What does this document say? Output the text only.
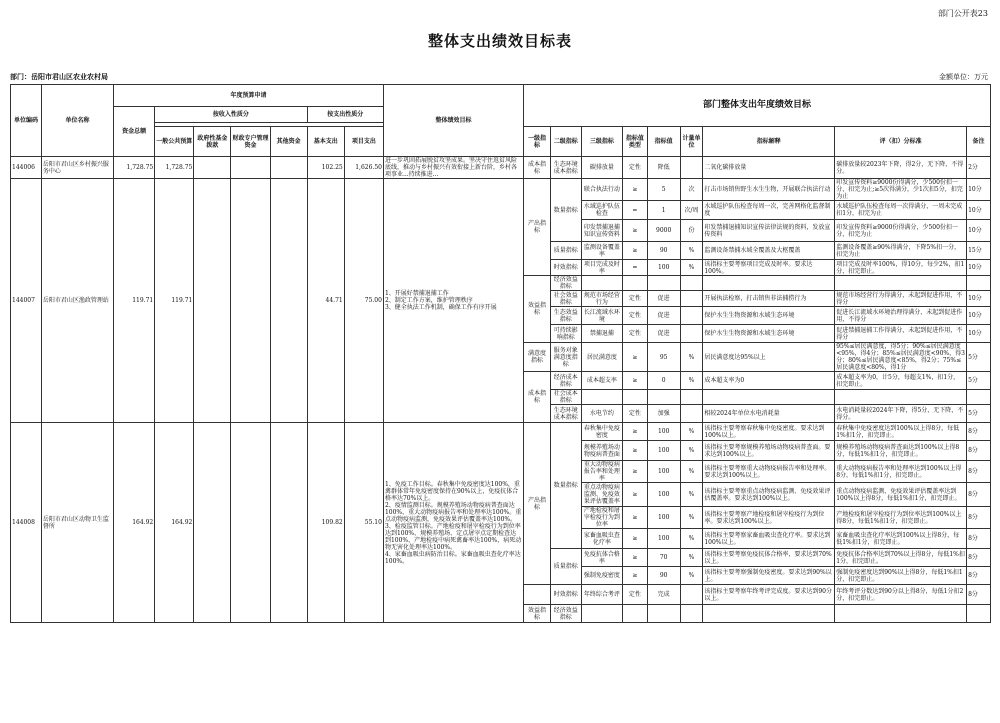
部门公开表23
整体支出绩效目标表
部门：岳阳市君山区农业农村局	金额单位：万元
单位编码	单位名称	年度预算申请							整体绩效目标	部门整体支出年度绩效目标								
		资金总额	按收入性质分				按支出性质分											

			一般公共预算	政府性基金拨款	财政专户管理资金	其他资金	基本支出	项目支出		一级指标	二级指标	三级指标	指标值类型	指标值	计量单位	指标解释	评（扣）分标准	备注
144006	岳阳市君山区乡村振兴服务中心	1,728.75	1,728.75				102.25	1,626.50	进一步巩固拓展脱贫攻坚成果。坚决守住返贫风险底线，推动与乡村振兴有效衔接上新台阶，乡村各项事业...持续推进...	成本指标	生态环境成本指标	碳排放量	定性	降低		二氧化碳排放量	碳排放量较2023年下降，得2分，无下降，不得分。	2分
144007	岳阳市君山区渔政管理站	119.71	119.71				44.71	75.00	1、开展好禁捕退捕工作
2、制定工作方案，维护管理秩序
3、健全执法工作机制，确保工作有序开展	产出指标	数量指标	联合执法行动	≥	5	次	打击市场销售野生水生生物，开展联合执法行动	印发宣传资料≥9000份得满分，少500份扣一分，扣完为止;≥5次得满分，少1次扣5分，扣完为止	10分
												水域巡护队伍检查	=	1	次/周	水域巡护队伍检查每周一次，完善网格化监督制度	水域巡护队伍检查每周一次得满分，一周未完成扣1分，扣完为止	10分
												印发禁捕退捕知识宣传资料	≥	9000	份	印发禁捕退捕知识宣传法律法规的资料，发放宣传资料	印发宣传资料≥9000份得满分，少500份扣一分，扣完为止	10分
											质量指标	监测设备覆盖率	≥	90	%	监测设备禁捕水域全覆盖及大枢覆盖	监测设备覆盖≥90%得满分，下降5%扣一分，扣完为止	15分
											时效指标	项目完成及时率	=	100	%	该指标主要考察项目完成及时率。要求达100%。	项目完成及时率100%，得10分，每少2%，扣1分，扣完即止。	10分
										效益指标	经济效益指标							
											社会效益指标	规范市场经营行为	定性	促进		开展执法检察，打击销售非法捕捞行为	规范市场经营行为得满分，未起到促进作用，不得分	10分
											生态效益指标	长江流域水环境	定性	促进		保护水生生物资源和水域生态环境	促进长江流域水环境治理得满分，未起到促进作用，不得分	10分
											可持续影响指标	禁捕退捕	定性	促进		保护水生生物资源和水域生态环境	促进禁捕退捕工作得满分，未起到促进作用，不得分	10分
										满意度指标	服务对象满意度指标	居民满意度	≥	95	%	居民满意度达95%以上	95%≤居民满意度，得5分；90%≤居民满意度<95%，得4分；85%≤居民满意度<90%，得3分；80%≤居民满意度<85%，得2分；75%≤居民满意度<80%，得1分	5分
										成本指标	经济成本指标	成本超支率	≥	0	%	成本超支率为0	成本超支率为0，计5分，每超支1%，扣1分，扣完即止。	5分
											社会成本指标							
											生态环境成本指标	水电节约	定性	加强		相较2024年单位水电消耗量	水电消耗量较2024年下降，得5分，无下降，不得分。	5分
144008	岳阳市君山区动物卫生监督所	164.92	164.92				109.82	55.10	1、免疫工作目标。春秋集中免疫密度达100%，重禽群体常年免疫密度保持在90%以上，免疫抗体合格率达70%以上。
2、疫情监测目标。规模养殖场动物疫病普查面达100%，重大动物疫病报告率和处理率达100%。重点动物疫病监测，免疫效果评估覆盖率达100%。
3、检疫监管目标。产地检疫和屠宰检疫行为到位率达到100%，规模养殖场、定点屠宰点定期检查达到100%，产地检疫中病死禽畜率达100%，病死动物无害化处理率达100%。
4、家畜血吸虫病防治目标。家畜血吸虫查化疗率达100%。	产出指标	数量指标	春秋集中免疫密度	≥	100	%	该指标主要考察春秋集中免疫密度。要求达到100%以上。	春秋集中免疫密度达到100%以上得8分，每低1%扣1分，扣完即止。	8分
												规模养殖场动物疫病普查面	≥	100	%	该指标主要考察规模养殖场动物疫病普查面。要求达到100%以上。	规模养殖场动物疫病普查面达到100%以上得8分，每低1%扣1分，扣完即止。	8分
												重大动物疫病报告率和处理率	≥	100	%	该指标主要考察重大动物疫病报告率和处理率。要求达到100%以上。	重大动物疫病报告率和处理率达到100%以上得8分，每低1%扣1分，扣完即止。	8分
												重点动物疫病监测、免疫效果评估覆盖率	≥	100	%	该指标主要考察重点动物疫病监测、免疫效果评估覆盖率。要求达到100%以上。	重点动物疫病监测、免疫效果评估覆盖率达到100%以上得8分，每低1%扣1分，扣完即止。	8分
												产地检疫和屠宰检疫行为到位率	≥	100	%	该指标主要考察产地检疫和屠宰检疫行为到位率。要求达到100%以上。	产地检疫和屠宰检疫行为到位率达到100%以上得8分，每低1%扣1分，扣完即止。	8分
												家畜血吸虫查化疗率	≥	100	%	该指标主要考察家畜血吸虫查化疗率。要求达到100%以上。	家畜血吸虫查化疗率达到100%以上得8分，每低1%扣1分，扣完即止。	8分
											质量指标	免疫抗体合格率	≥	70	%	该指标主要考察免疫抗体合格率，要求达到70%以上。	免疫抗体合格率达到70%以上得8分，每低1%扣1分，扣完即止。	8分
												强制免疫密度	≥	90	%	该指标主要考察强制免疫密度。要求达到90%以上。	强制免疫密度达到90%以上得8分，每低1%扣1分，扣完即止。	8分
											时效指标	年终综合考评	定性	完成		该指标主要考察年终考评完成度。要求达到90分以上。	年终考评分数达到90分以上得8分，每低1分扣2分，扣完即止。	8分
										效益指标	经济效益指标							
